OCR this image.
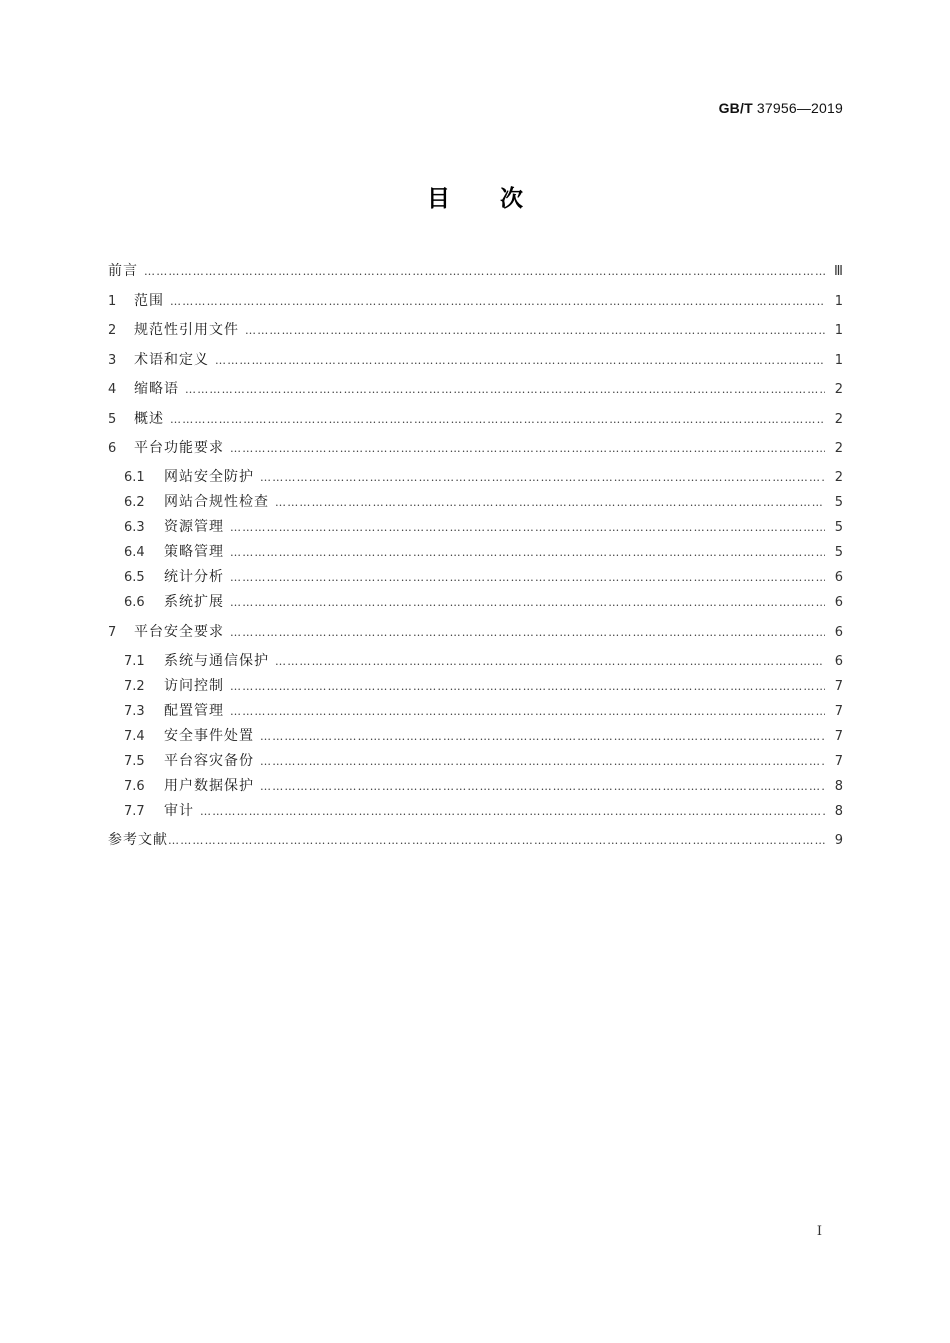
GB/T 37956—2019
目次
前言 …………………………………………………………………………………………………………………………………………………………………………………………	Ⅲ
1	范围 …………………………………………………………………………………………………………………………………………………………………………………………	1
2	规范性引用文件 …………………………………………………………………………………………………………………………………………………………………………………………	1
3	术语和定义 …………………………………………………………………………………………………………………………………………………………………………………………	1
4	缩略语 …………………………………………………………………………………………………………………………………………………………………………………………	2
5	概述 …………………………………………………………………………………………………………………………………………………………………………………………	2
6	平台功能要求 …………………………………………………………………………………………………………………………………………………………………………………………	2
6.1	网站安全防护 …………………………………………………………………………………………………………………………………………………………………………………………	2
6.2	网站合规性检查 …………………………………………………………………………………………………………………………………………………………………………………………	5
6.3	资源管理 …………………………………………………………………………………………………………………………………………………………………………………………	5
6.4	策略管理 …………………………………………………………………………………………………………………………………………………………………………………………	5
6.5	统计分析 …………………………………………………………………………………………………………………………………………………………………………………………	6
6.6	系统扩展 …………………………………………………………………………………………………………………………………………………………………………………………	6
7	平台安全要求 …………………………………………………………………………………………………………………………………………………………………………………………	6
7.1	系统与通信保护 …………………………………………………………………………………………………………………………………………………………………………………………	6
7.2	访问控制 …………………………………………………………………………………………………………………………………………………………………………………………	7
7.3	配置管理 …………………………………………………………………………………………………………………………………………………………………………………………	7
7.4	安全事件处置 …………………………………………………………………………………………………………………………………………………………………………………………	7
7.5	平台容灾备份 …………………………………………………………………………………………………………………………………………………………………………………………	7
7.6	用户数据保护 …………………………………………………………………………………………………………………………………………………………………………………………	8
7.7	审计 …………………………………………………………………………………………………………………………………………………………………………………………	8
参考文献 …………………………………………………………………………………………………………………………………………………………………………………………	9
I
